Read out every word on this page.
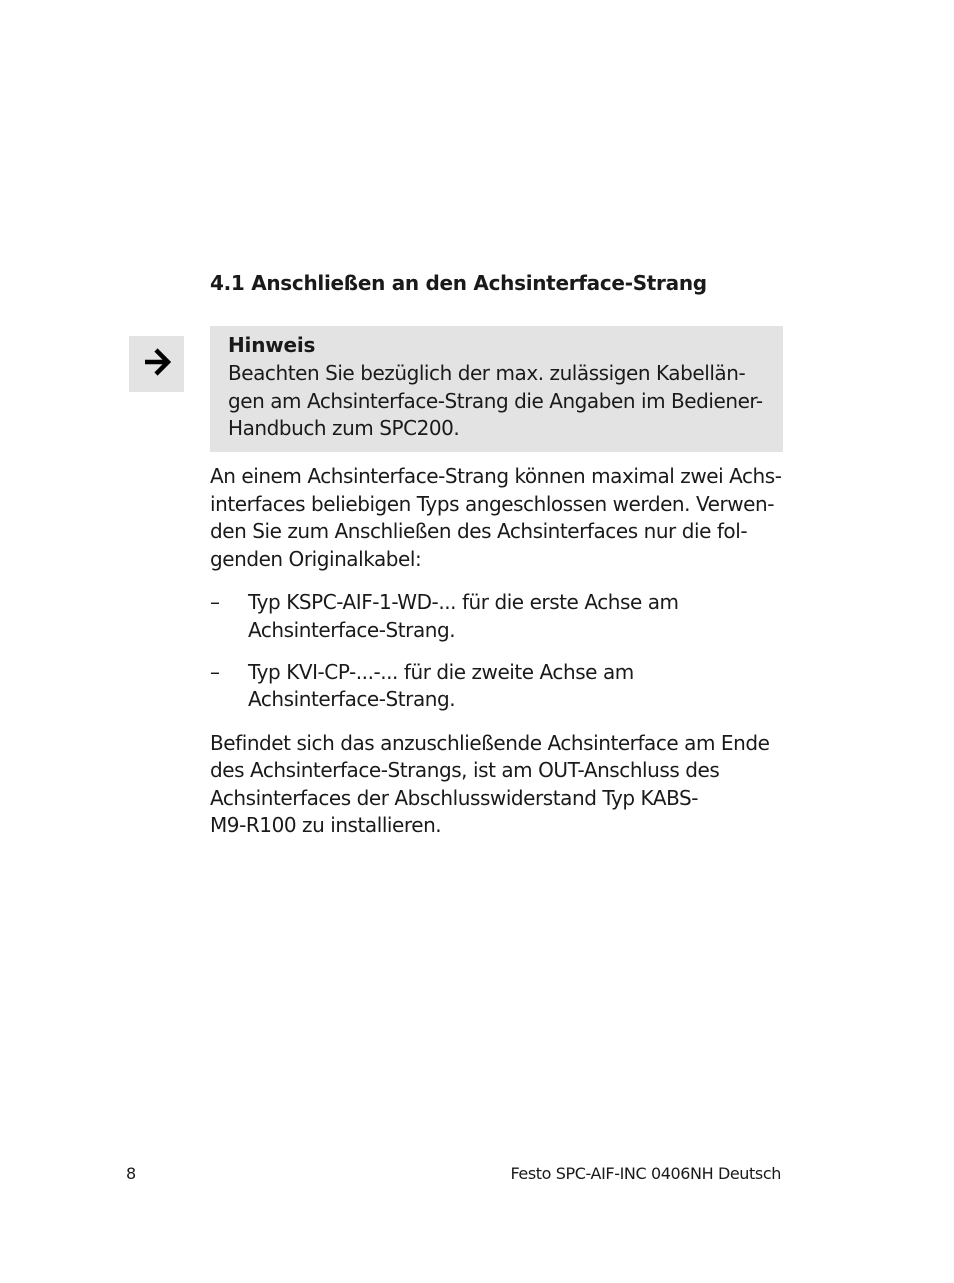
4.1 Anschließen an den Achsinterface-Strang
Hinweis
Beachten Sie bezüglich der max. zulässigen Kabellän-
gen am Achsinterface-Strang die Angaben im Bediener-
Handbuch zum SPC200.
An einem Achsinterface-Strang können maximal zwei Achs-
interfaces beliebigen Typs angeschlossen werden. Verwen-
den Sie zum Anschließen des Achsinterfaces nur die fol-
genden Originalkabel:
– Typ KSPC-AIF-1-WD-... für die erste Achse am
Achsinterface-Strang.
– Typ KVI-CP-...-... für die zweite Achse am
Achsinterface-Strang.
Befindet sich das anzuschließende Achsinterface am Ende
des Achsinterface-Strangs, ist am OUT-Anschluss des
Achsinterfaces der Abschlusswiderstand Typ KABS-
M9-R100 zu installieren.
8	Festo SPC-AIF-INC 0406NH Deutsch
